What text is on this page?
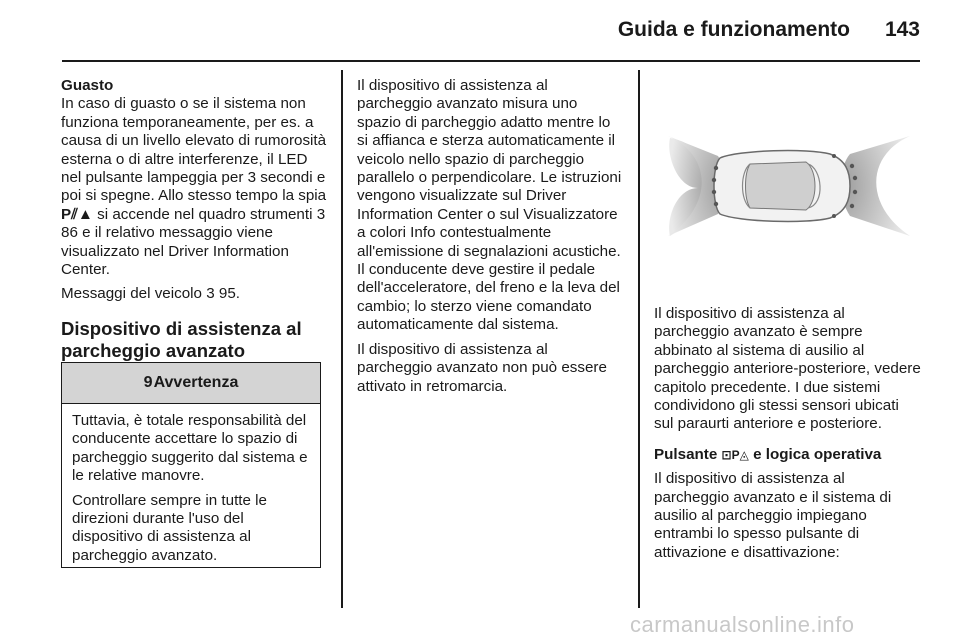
Guida e funzionamento	143

Guasto

In caso di guasto o se il sistema non funziona temporaneamente, per es. a causa di un livello elevato di rumorosità esterna o di altre interferenze, il LED nel pulsante lampeggia per 3 secondi e poi si spegne. Allo stesso tempo la spia P⫽▲ si accende nel quadro strumenti 3 86 e il relativo messaggio viene visualizzato nel Driver Information Center.

Messaggi del veicolo 3 95.

Dispositivo di assistenza al parcheggio avanzato
9 Avvertenza

Tuttavia, è totale responsabilità del conducente accettare lo spazio di parcheggio suggerito dal sistema e le relative manovre.

Controllare sempre in tutte le direzioni durante l'uso del dispositivo di assistenza al parcheggio avanzato.

Il dispositivo di assistenza al parcheggio avanzato misura uno spazio di parcheggio adatto mentre lo si affianca e sterza automaticamente il veicolo nello spazio di parcheggio parallelo o perpendicolare. Le istruzioni vengono visualizzate sul Driver Information Center o sul Visualizzatore a colori Info contestualmente all'emissione di segnalazioni acustiche. Il conducente deve gestire il pedale dell'acceleratore, del freno e la leva del cambio; lo sterzo viene comandato automaticamente dal sistema.

Il dispositivo di assistenza al parcheggio avanzato non può essere attivato in retromarcia.

Il dispositivo di assistenza al parcheggio avanzato è sempre abbinato al sistema di ausilio al parcheggio anteriore-posteriore, vedere capitolo precedente. I due sistemi condividono gli stessi sensori ubicati sul paraurti anteriore e posteriore.

Pulsante ⊡P◬ e logica operativa

Il dispositivo di assistenza al parcheggio avanzato e il sistema di ausilio al parcheggio impiegano entrambi lo spesso pulsante di attivazione e disattivazione:

carmanualsonline.info
